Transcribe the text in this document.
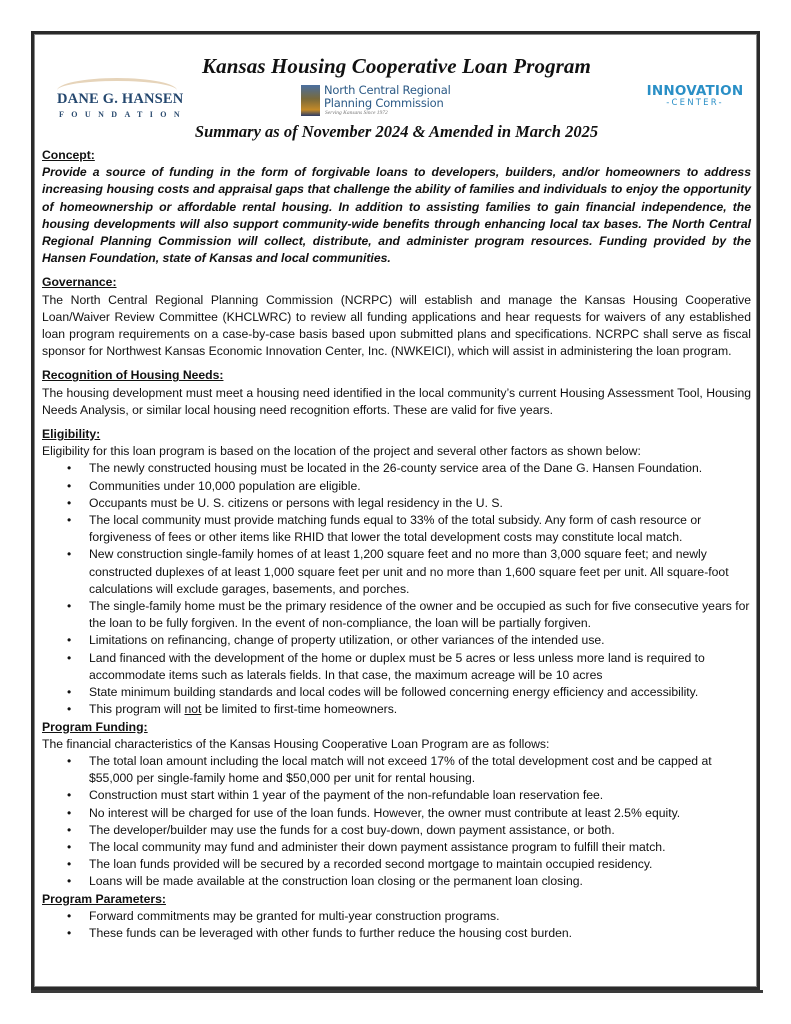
Kansas Housing Cooperative Loan Program
DANE G. HANSEN
FOUNDATION
North Central Regional
Planning Commission
Serving Kansans Since 1972
INNOVATION
-CENTER-
Summary as of November 2024 & Amended in March 2025

Concept:

Provide a source of funding in the form of forgivable loans to developers, builders, and/or homeowners to address increasing housing costs and appraisal gaps that challenge the ability of families and individuals to enjoy the opportunity of homeownership or affordable rental housing. In addition to assisting families to gain financial independence, the housing developments will also support community-wide benefits through enhancing local tax bases. The North Central Regional Planning Commission will collect, distribute, and administer program resources. Funding provided by the Hansen Foundation, state of Kansas and local communities.

Governance:

The North Central Regional Planning Commission (NCRPC) will establish and manage the Kansas Housing Cooperative Loan/Waiver Review Committee (KHCLWRC) to review all funding applications and hear requests for waivers of any established loan program requirements on a case-by-case basis based upon submitted plans and specifications. NCRPC shall serve as fiscal sponsor for Northwest Kansas Economic Innovation Center, Inc. (NWKEICI), which will assist in administering the loan program.

Recognition of Housing Needs:

The housing development must meet a housing need identified in the local community’s current Housing Assessment Tool, Housing Needs Analysis, or similar local housing need recognition efforts. These are valid for five years.

Eligibility:

Eligibility for this loan program is based on the location of the project and several other factors as shown below:

• The newly constructed housing must be located in the 26-county service area of the Dane G. Hansen Foundation.
• Communities under 10,000 population are eligible.
• Occupants must be U. S. citizens or persons with legal residency in the U. S.
• The local community must provide matching funds equal to 33% of the total subsidy. Any form of cash resource or forgiveness of fees or other items like RHID that lower the total development costs may constitute local match.
• New construction single-family homes of at least 1,200 square feet and no more than 3,000 square feet; and newly constructed duplexes of at least 1,000 square feet per unit and no more than 1,600 square feet per unit. All square-foot calculations will exclude garages, basements, and porches.
• The single-family home must be the primary residence of the owner and be occupied as such for five consecutive years for the loan to be fully forgiven. In the event of non-compliance, the loan will be partially forgiven.
• Limitations on refinancing, change of property utilization, or other variances of the intended use.
• Land financed with the development of the home or duplex must be 5 acres or less unless more land is required to accommodate items such as laterals fields. In that case, the maximum acreage will be 10 acres
• State minimum building standards and local codes will be followed concerning energy efficiency and accessibility.
• This program will not be limited to first-time homeowners.

Program Funding:

The financial characteristics of the Kansas Housing Cooperative Loan Program are as follows:

• The total loan amount including the local match will not exceed 17% of the total development cost and be capped at $55,000 per single-family home and $50,000 per unit for rental housing.
• Construction must start within 1 year of the payment of the non-refundable loan reservation fee.
• No interest will be charged for use of the loan funds. However, the owner must contribute at least 2.5% equity.
• The developer/builder may use the funds for a cost buy-down, down payment assistance, or both.
• The local community may fund and administer their down payment assistance program to fulfill their match.
• The loan funds provided will be secured by a recorded second mortgage to maintain occupied residency.
• Loans will be made available at the construction loan closing or the permanent loan closing.

Program Parameters:

• Forward commitments may be granted for multi-year construction programs.
• These funds can be leveraged with other funds to further reduce the housing cost burden.
